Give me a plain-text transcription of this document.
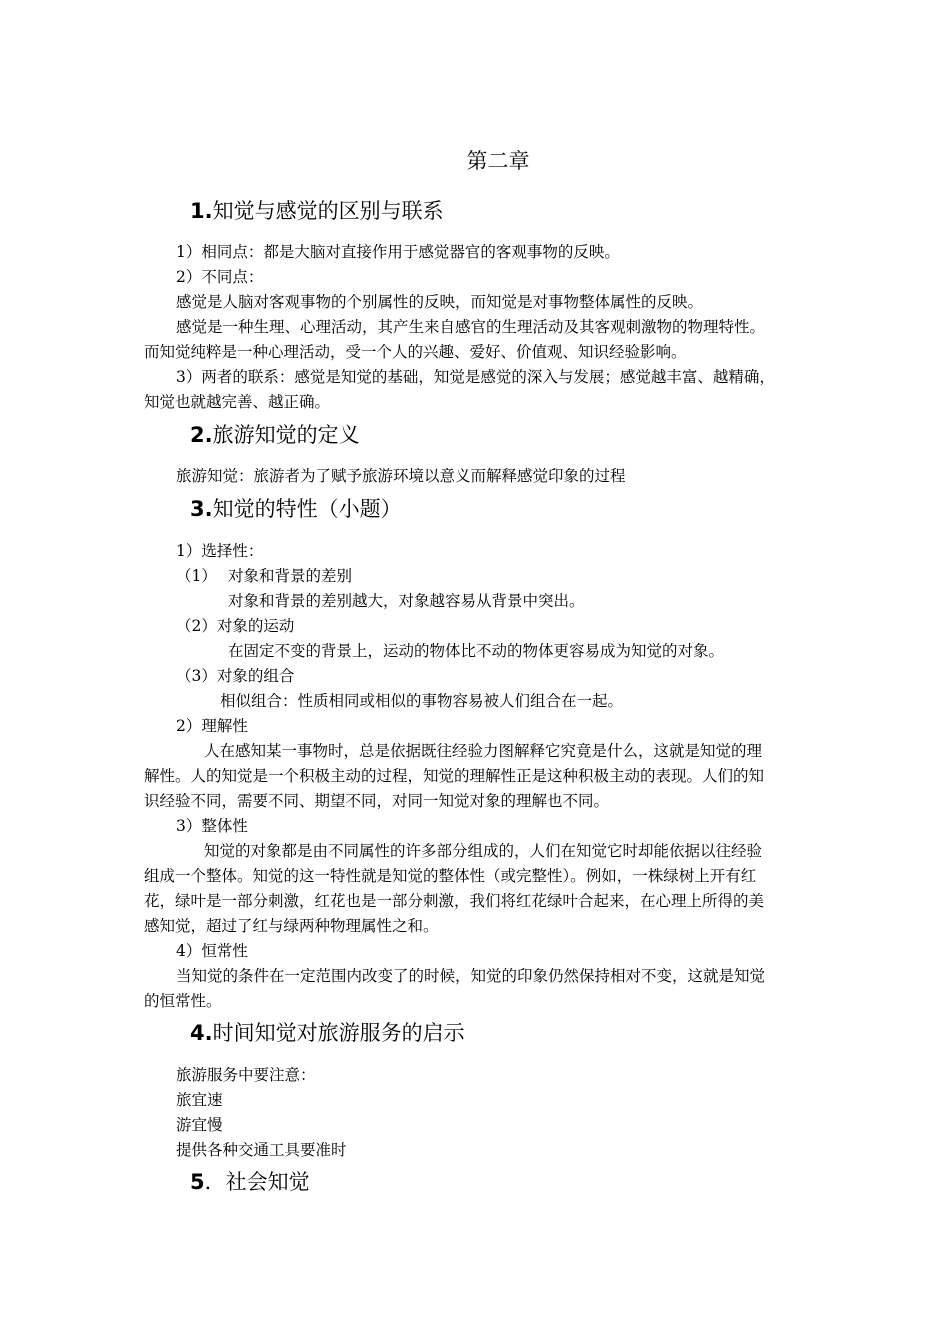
第二章
1.知觉与感觉的区别与联系
1）相同点：都是大脑对直接作用于感觉器官的客观事物的反映。
2）不同点：
感觉是人脑对客观事物的个别属性的反映，而知觉是对事物整体属性的反映。
感觉是一种生理、心理活动，其产生来自感官的生理活动及其客观刺激物的物理特性。
而知觉纯粹是一种心理活动，受一个人的兴趣、爱好、价值观、知识经验影响。
3）两者的联系：感觉是知觉的基础，知觉是感觉的深入与发展；感觉越丰富、越精确，
知觉也就越完善、越正确。
2.旅游知觉的定义
旅游知觉：旅游者为了赋予旅游环境以意义而解释感觉印象的过程
3.知觉的特性（小题）
1）选择性：
（1） 对象和背景的差别
对象和背景的差别越大，对象越容易从背景中突出。
（2）对象的运动
在固定不变的背景上，运动的物体比不动的物体更容易成为知觉的对象。
（3）对象的组合
相似组合：性质相同或相似的事物容易被人们组合在一起。
2）理解性
人在感知某一事物时，总是依据既往经验力图解释它究竟是什么，这就是知觉的理
解性。人的知觉是一个积极主动的过程，知觉的理解性正是这种积极主动的表现。人们的知
识经验不同，需要不同、期望不同，对同一知觉对象的理解也不同。
3）整体性
知觉的对象都是由不同属性的许多部分组成的，人们在知觉它时却能依据以往经验
组成一个整体。知觉的这一特性就是知觉的整体性（或完整性）。例如，一株绿树上开有红
花，绿叶是一部分刺激，红花也是一部分刺激，我们将红花绿叶合起来，在心理上所得的美
感知觉，超过了红与绿两种物理属性之和。
4）恒常性
当知觉的条件在一定范围内改变了的时候，知觉的印象仍然保持相对不变，这就是知觉
的恒常性。
4.时间知觉对旅游服务的启示
旅游服务中要注意：
旅宜速
游宜慢
提供各种交通工具要准时
5．社会知觉
